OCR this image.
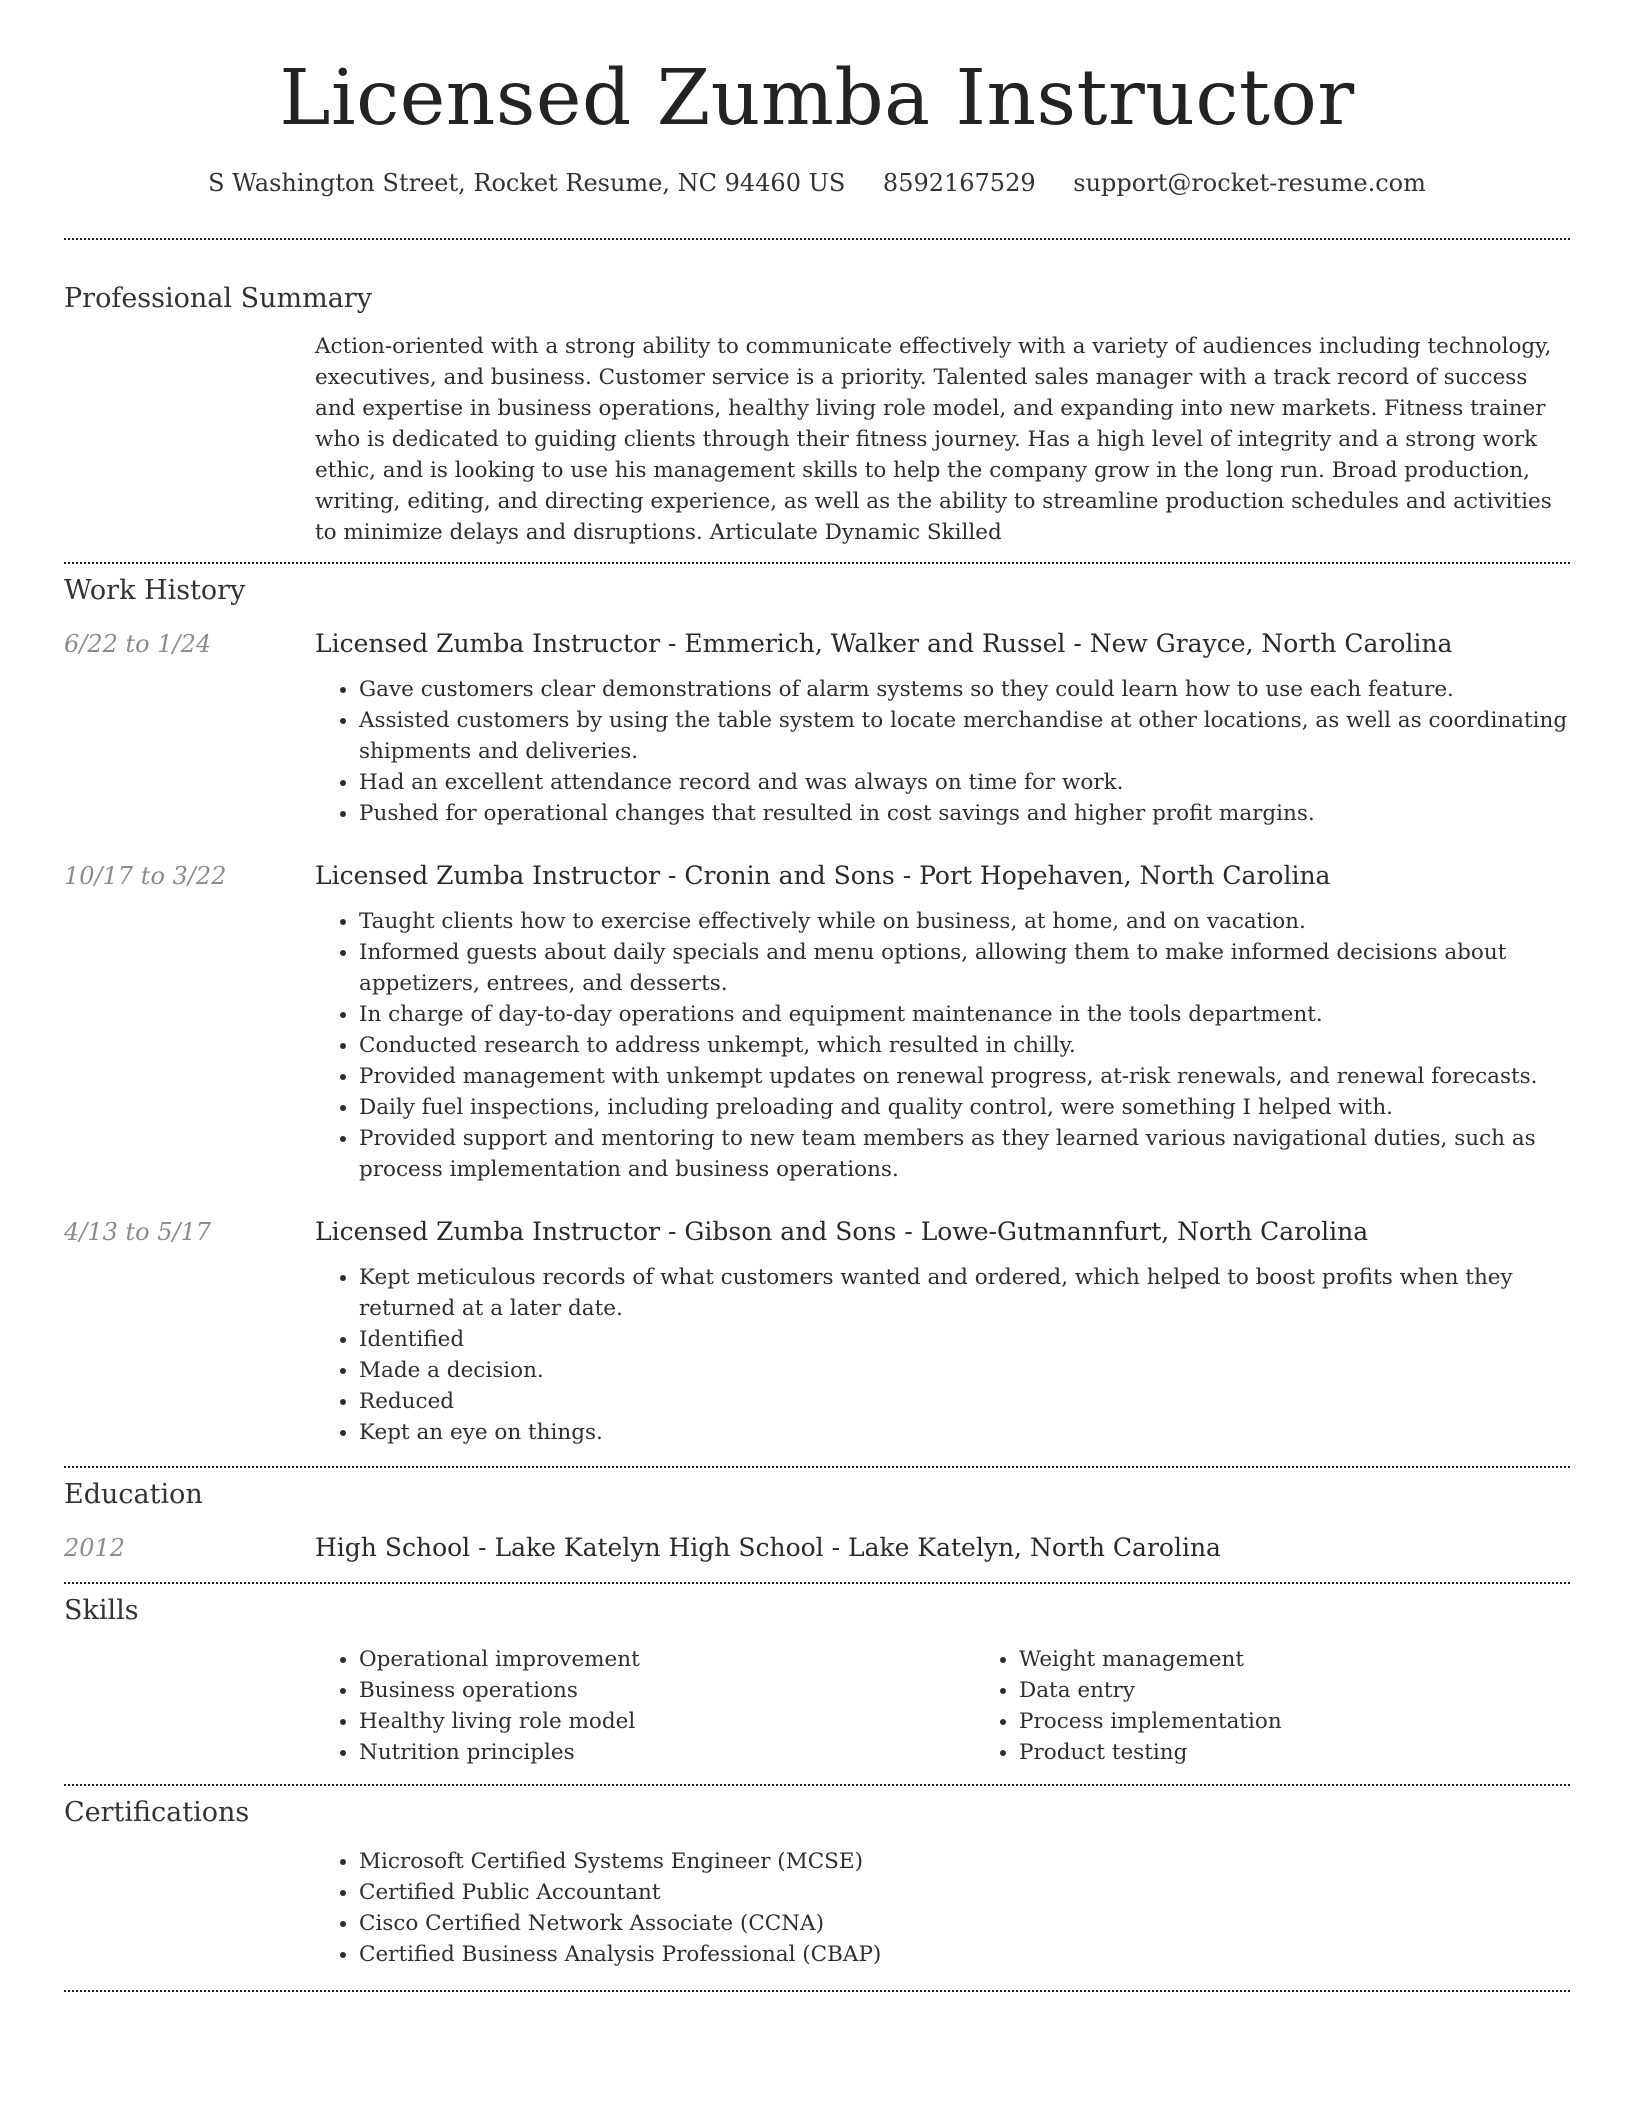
Licensed Zumba Instructor
S Washington Street, Rocket Resume, NC 94460 US 8592167529 support@rocket-resume.com
Professional Summary
Action-oriented with a strong ability to communicate effectively with a variety of audiences including technology, executives, and business. Customer service is a priority. Talented sales manager with a track record of success and expertise in business operations, healthy living role model, and expanding into new markets. Fitness trainer who is dedicated to guiding clients through their fitness journey. Has a high level of integrity and a strong work ethic, and is looking to use his management skills to help the company grow in the long run. Broad production, writing, editing, and directing experience, as well as the ability to streamline production schedules and activities to minimize delays and disruptions. Articulate Dynamic Skilled
Work History
6/22 to 1/24	Licensed Zumba Instructor - Emmerich, Walker and Russel - New Grayce, North Carolina
• Gave customers clear demonstrations of alarm systems so they could learn how to use each feature.
• Assisted customers by using the table system to locate merchandise at other locations, as well as coordinating shipments and deliveries.
• Had an excellent attendance record and was always on time for work.
• Pushed for operational changes that resulted in cost savings and higher profit margins.
10/17 to 3/22	Licensed Zumba Instructor - Cronin and Sons - Port Hopehaven, North Carolina
• Taught clients how to exercise effectively while on business, at home, and on vacation.
• Informed guests about daily specials and menu options, allowing them to make informed decisions about appetizers, entrees, and desserts.
• In charge of day-to-day operations and equipment maintenance in the tools department.
• Conducted research to address unkempt, which resulted in chilly.
• Provided management with unkempt updates on renewal progress, at-risk renewals, and renewal forecasts.
• Daily fuel inspections, including preloading and quality control, were something I helped with.
• Provided support and mentoring to new team members as they learned various navigational duties, such as process implementation and business operations.
4/13 to 5/17	Licensed Zumba Instructor - Gibson and Sons - Lowe-Gutmannfurt, North Carolina
• Kept meticulous records of what customers wanted and ordered, which helped to boost profits when they returned at a later date.
• Identified
• Made a decision.
• Reduced
• Kept an eye on things.
Education
2012	High School - Lake Katelyn High School - Lake Katelyn, North Carolina
Skills
• Operational improvement
• Business operations
• Healthy living role model
• Nutrition principles
• Weight management
• Data entry
• Process implementation
• Product testing
Certifications
• Microsoft Certified Systems Engineer (MCSE)
• Certified Public Accountant
• Cisco Certified Network Associate (CCNA)
• Certified Business Analysis Professional (CBAP)
